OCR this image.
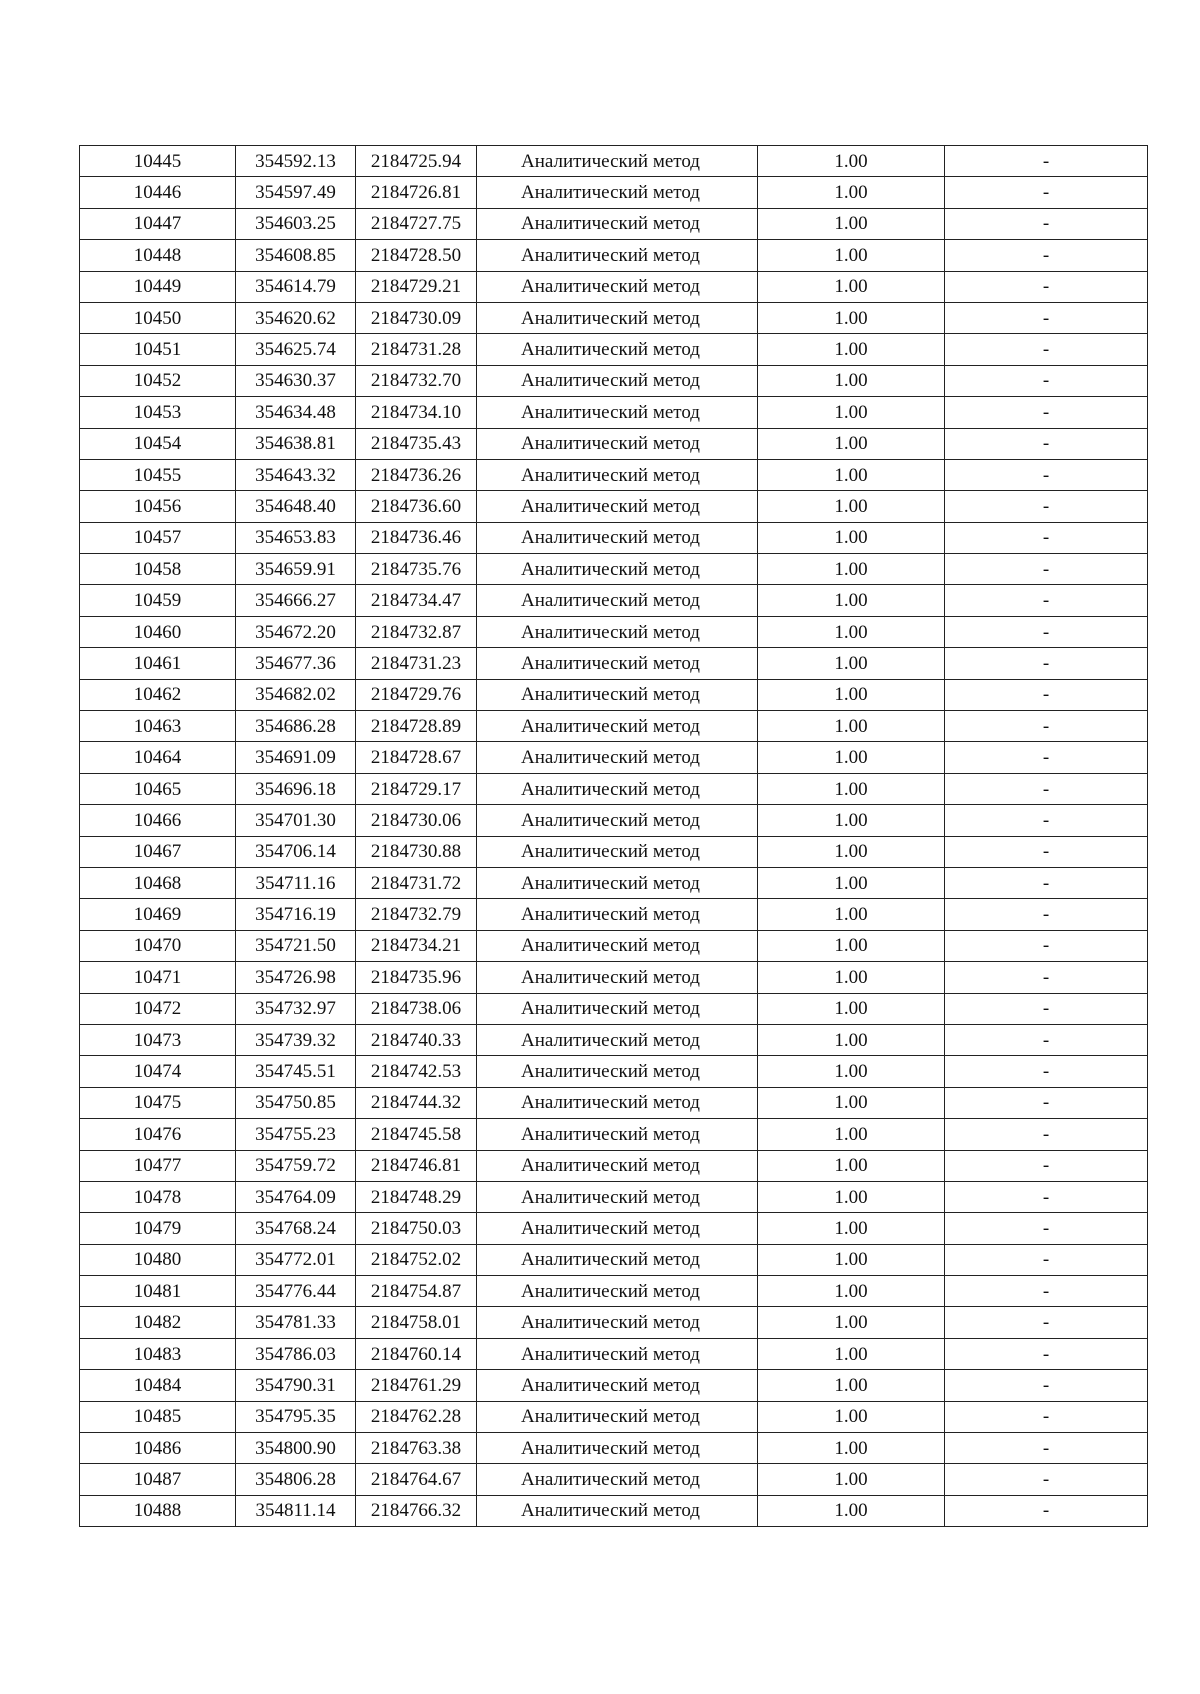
10445	354592.13	2184725.94	Аналитический метод	1.00	-
10446	354597.49	2184726.81	Аналитический метод	1.00	-
10447	354603.25	2184727.75	Аналитический метод	1.00	-
10448	354608.85	2184728.50	Аналитический метод	1.00	-
10449	354614.79	2184729.21	Аналитический метод	1.00	-
10450	354620.62	2184730.09	Аналитический метод	1.00	-
10451	354625.74	2184731.28	Аналитический метод	1.00	-
10452	354630.37	2184732.70	Аналитический метод	1.00	-
10453	354634.48	2184734.10	Аналитический метод	1.00	-
10454	354638.81	2184735.43	Аналитический метод	1.00	-
10455	354643.32	2184736.26	Аналитический метод	1.00	-
10456	354648.40	2184736.60	Аналитический метод	1.00	-
10457	354653.83	2184736.46	Аналитический метод	1.00	-
10458	354659.91	2184735.76	Аналитический метод	1.00	-
10459	354666.27	2184734.47	Аналитический метод	1.00	-
10460	354672.20	2184732.87	Аналитический метод	1.00	-
10461	354677.36	2184731.23	Аналитический метод	1.00	-
10462	354682.02	2184729.76	Аналитический метод	1.00	-
10463	354686.28	2184728.89	Аналитический метод	1.00	-
10464	354691.09	2184728.67	Аналитический метод	1.00	-
10465	354696.18	2184729.17	Аналитический метод	1.00	-
10466	354701.30	2184730.06	Аналитический метод	1.00	-
10467	354706.14	2184730.88	Аналитический метод	1.00	-
10468	354711.16	2184731.72	Аналитический метод	1.00	-
10469	354716.19	2184732.79	Аналитический метод	1.00	-
10470	354721.50	2184734.21	Аналитический метод	1.00	-
10471	354726.98	2184735.96	Аналитический метод	1.00	-
10472	354732.97	2184738.06	Аналитический метод	1.00	-
10473	354739.32	2184740.33	Аналитический метод	1.00	-
10474	354745.51	2184742.53	Аналитический метод	1.00	-
10475	354750.85	2184744.32	Аналитический метод	1.00	-
10476	354755.23	2184745.58	Аналитический метод	1.00	-
10477	354759.72	2184746.81	Аналитический метод	1.00	-
10478	354764.09	2184748.29	Аналитический метод	1.00	-
10479	354768.24	2184750.03	Аналитический метод	1.00	-
10480	354772.01	2184752.02	Аналитический метод	1.00	-
10481	354776.44	2184754.87	Аналитический метод	1.00	-
10482	354781.33	2184758.01	Аналитический метод	1.00	-
10483	354786.03	2184760.14	Аналитический метод	1.00	-
10484	354790.31	2184761.29	Аналитический метод	1.00	-
10485	354795.35	2184762.28	Аналитический метод	1.00	-
10486	354800.90	2184763.38	Аналитический метод	1.00	-
10487	354806.28	2184764.67	Аналитический метод	1.00	-
10488	354811.14	2184766.32	Аналитический метод	1.00	-
